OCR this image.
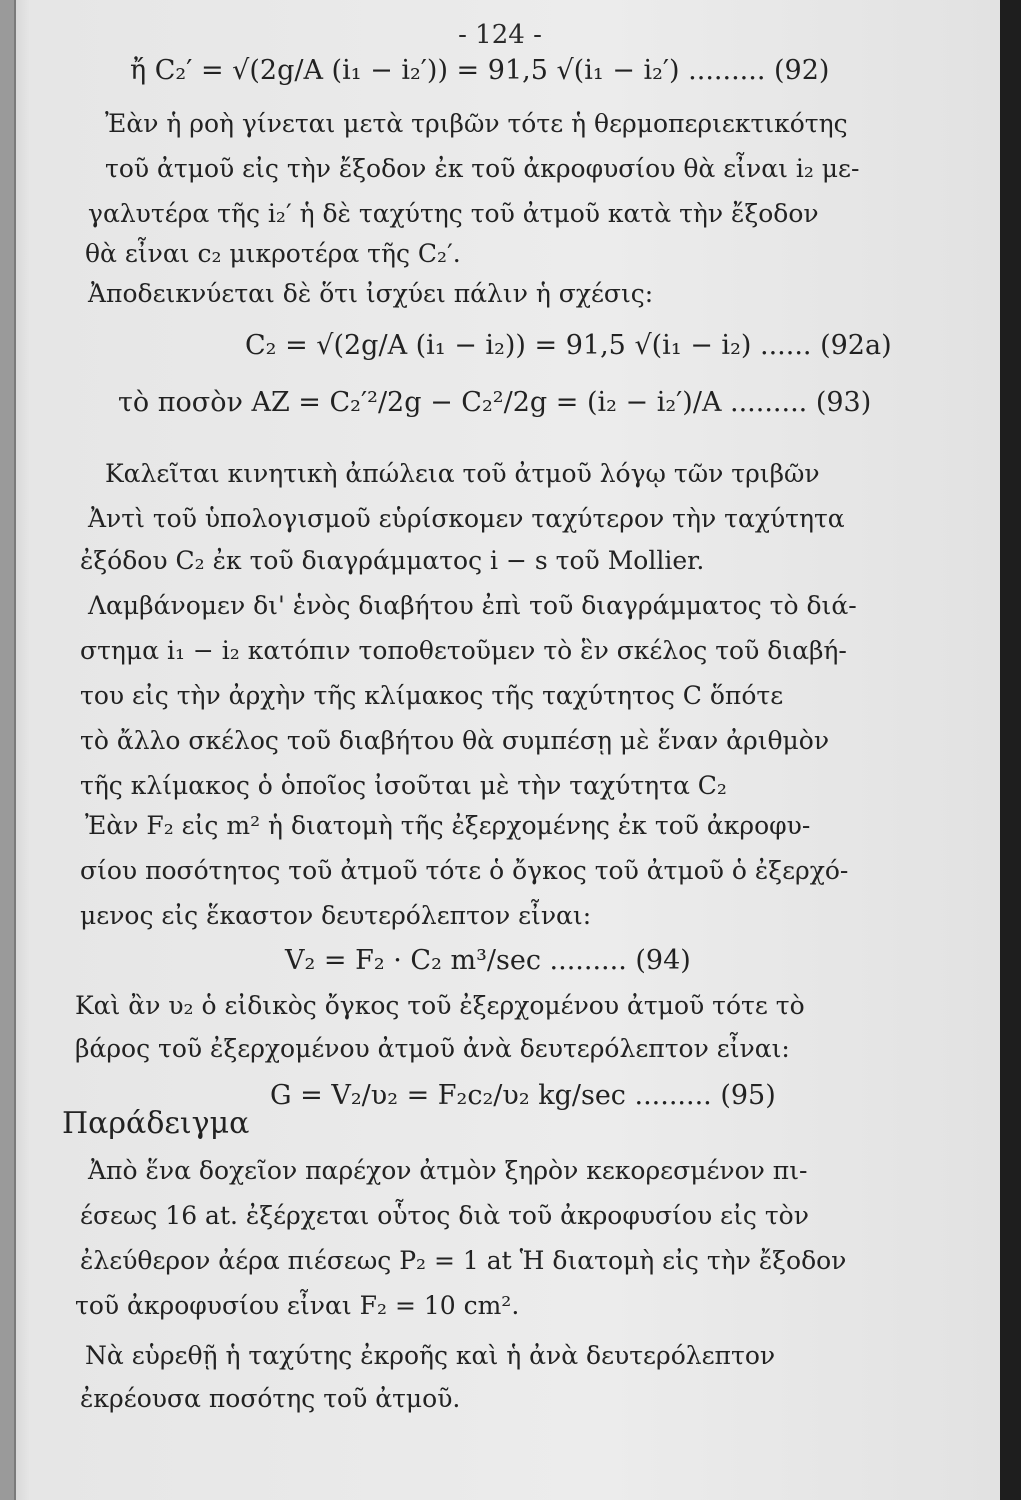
- 124 -
ἤ C₂′ = √(2g/A (i₁ − i₂′)) = 91,5 √(i₁ − i₂′) ......... (92)
Ἐὰν ἡ ροὴ γίνεται μετὰ τριβῶν τότε ἡ θερμοπεριεκτικότης
τοῦ ἀτμοῦ εἰς τὴν ἔξοδον ἐκ τοῦ ἀκροφυσίου θὰ εἶναι i₂ με-
γαλυτέρα τῆς i₂′ ἡ δὲ ταχύτης τοῦ ἀτμοῦ κατὰ τὴν ἔξοδον
θὰ εἶναι c₂ μικροτέρα τῆς C₂′.
Ἀποδεικνύεται δὲ ὅτι ἰσχύει πάλιν ἡ σχέσις:
C₂ = √(2g/A (i₁ − i₂)) = 91,5 √(i₁ − i₂) ...... (92a)
τὸ ποσὸν AZ = C₂′²/2g − C₂²/2g = (i₂ − i₂′)/A ......... (93)
Καλεῖται κινητικὴ ἀπώλεια τοῦ ἀτμοῦ λόγῳ τῶν τριβῶν
Ἀντὶ τοῦ ὑπολογισμοῦ εὑρίσκομεν ταχύτερον τὴν ταχύτητα
ἐξόδου C₂ ἐκ τοῦ διαγράμματος i − s τοῦ Mollier.
Λαμβάνομεν δι' ἑνὸς διαβήτου ἐπὶ τοῦ διαγράμματος τὸ διά-
στημα i₁ − i₂ κατόπιν τοποθετοῦμεν τὸ ἓν σκέλος τοῦ διαβή-
του εἰς τὴν ἀρχὴν τῆς κλίμακος τῆς ταχύτητος C ὅπότε
τὸ ἄλλο σκέλος τοῦ διαβήτου θὰ συμπέσῃ μὲ ἕναν ἀριθμὸν
τῆς κλίμακος ὁ ὁποῖος ἰσοῦται μὲ τὴν ταχύτητα C₂
Ἐὰν F₂ εἰς m² ἡ διατομὴ τῆς ἐξερχομένης ἐκ τοῦ ἀκροφυ-
σίου ποσότητος τοῦ ἀτμοῦ τότε ὁ ὄγκος τοῦ ἀτμοῦ ὁ ἐξερχό-
μενος εἰς ἕκαστον δευτερόλεπτον εἶναι:
V₂ = F₂ · C₂ m³/sec ......... (94)
Καὶ ἂν υ₂ ὁ εἰδικὸς ὄγκος τοῦ ἐξερχομένου ἀτμοῦ τότε τὸ
βάρος τοῦ ἐξερχομένου ἀτμοῦ ἀνὰ δευτερόλεπτον εἶναι:
G = V₂/υ₂ = F₂c₂/υ₂ kg/sec ......... (95)
Παράδειγμα
Ἀπὸ ἕνα δοχεῖον παρέχον ἀτμὸν ξηρὸν κεκορεσμένον πι-
έσεως 16 at. ἐξέρχεται οὗτος διὰ τοῦ ἀκροφυσίου εἰς τὸν
ἐλεύθερον ἀέρα πιέσεως P₂ = 1 at Ἡ διατομὴ εἰς τὴν ἔξοδον
τοῦ ἀκροφυσίου εἶναι F₂ = 10 cm².
Νὰ εὑρεθῇ ἡ ταχύτης ἐκροῆς καὶ ἡ ἀνὰ δευτερόλεπτον
ἐκρέουσα ποσότης τοῦ ἀτμοῦ.
